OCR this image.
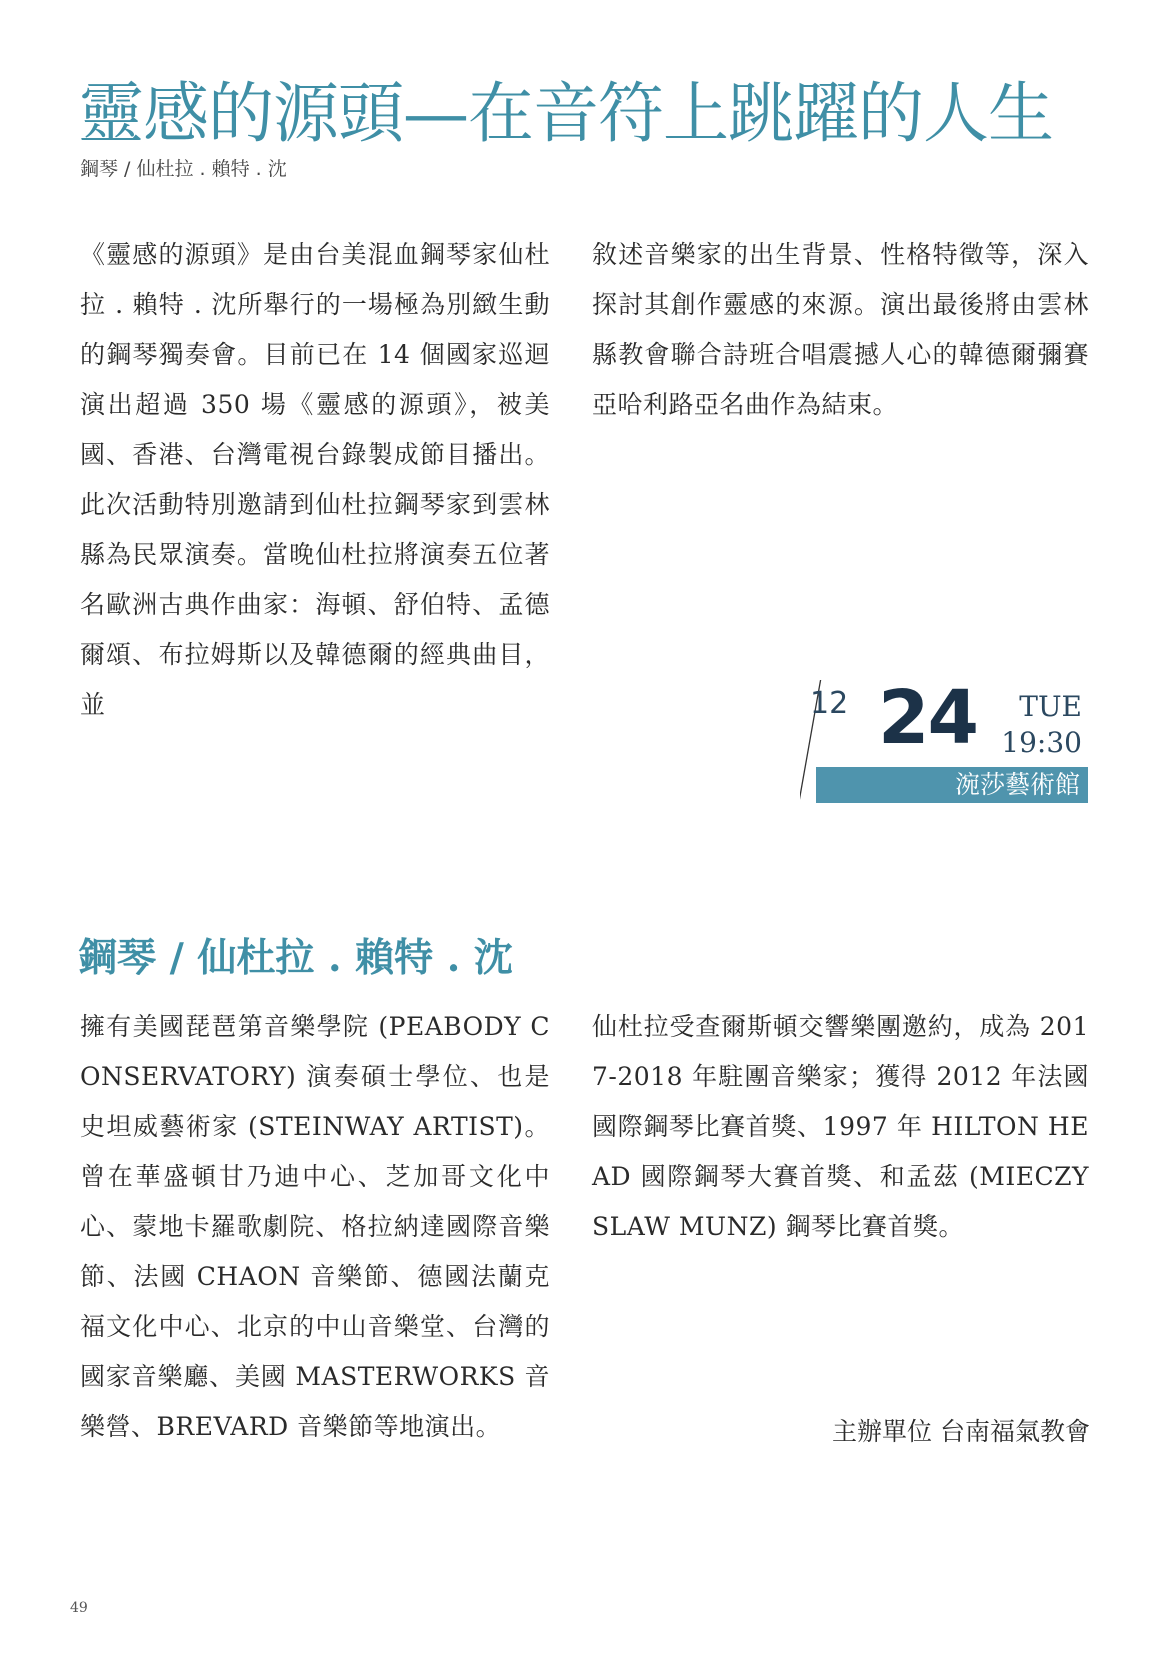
靈感的源頭—在音符上跳躍的人生
鋼琴 / 仙杜拉 . 賴特 . 沈

《靈感的源頭》是由台美混血鋼琴家仙杜拉 . 賴特 . 沈所舉行的一場極為別緻生動的鋼琴獨奏會。目前已在 14 個國家巡迴演出超過 350 場《靈感的源頭》，被美國、香港、台灣電視台錄製成節目播出。此次活動特別邀請到仙杜拉鋼琴家到雲林縣為民眾演奏。當晚仙杜拉將演奏五位著名歐洲古典作曲家：海頓、舒伯特、孟德爾頌、布拉姆斯以及韓德爾的經典曲目，並

敘述音樂家的出生背景、性格特徵等，深入探討其創作靈感的來源。演出最後將由雲林縣教會聯合詩班合唱震撼人心的韓德爾彌賽亞哈利路亞名曲作為結束。

12 24 TUE
19:30
涴莎藝術館
鋼琴 / 仙杜拉 . 賴特 . 沈

擁有美國琵琶第音樂學院 (PEABODY CONSERVATORY) 演奏碩士學位、也是史坦威藝術家 (STEINWAY ARTIST)。曾在華盛頓甘乃迪中心、芝加哥文化中心、蒙地卡羅歌劇院、格拉納達國際音樂節、法國 CHAON 音樂節、德國法蘭克福文化中心、北京的中山音樂堂、台灣的國家音樂廳、美國 MASTERWORKS 音樂營、BREVARD 音樂節等地演出。

仙杜拉受查爾斯頓交響樂團邀約，成為 2017-2018 年駐團音樂家；獲得 2012 年法國國際鋼琴比賽首獎、1997 年 HILTON HEAD 國際鋼琴大賽首獎、和孟茲 (MIECZYSLAW MUNZ) 鋼琴比賽首獎。

主辦單位 台南福氣教會
49
